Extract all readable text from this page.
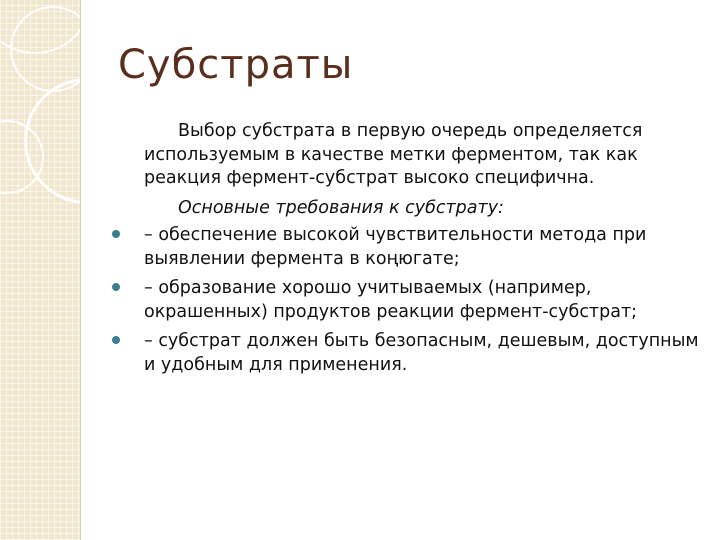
Субстраты

Выбор субстрата в первую очередь определяется используемым в качестве метки ферментом, так как реакция фермент-субстрат высоко специфична.

Основные требования к субстрату:

– обеспечение высокой чувствительности метода при выявлении фермента в коңюгате;
– образование хорошо учитываемых (например, окрашенных) продуктов реакции фермент-субстрат;
– субстрат должен быть безопасным, дешевым, доступным и удобным для применения.
